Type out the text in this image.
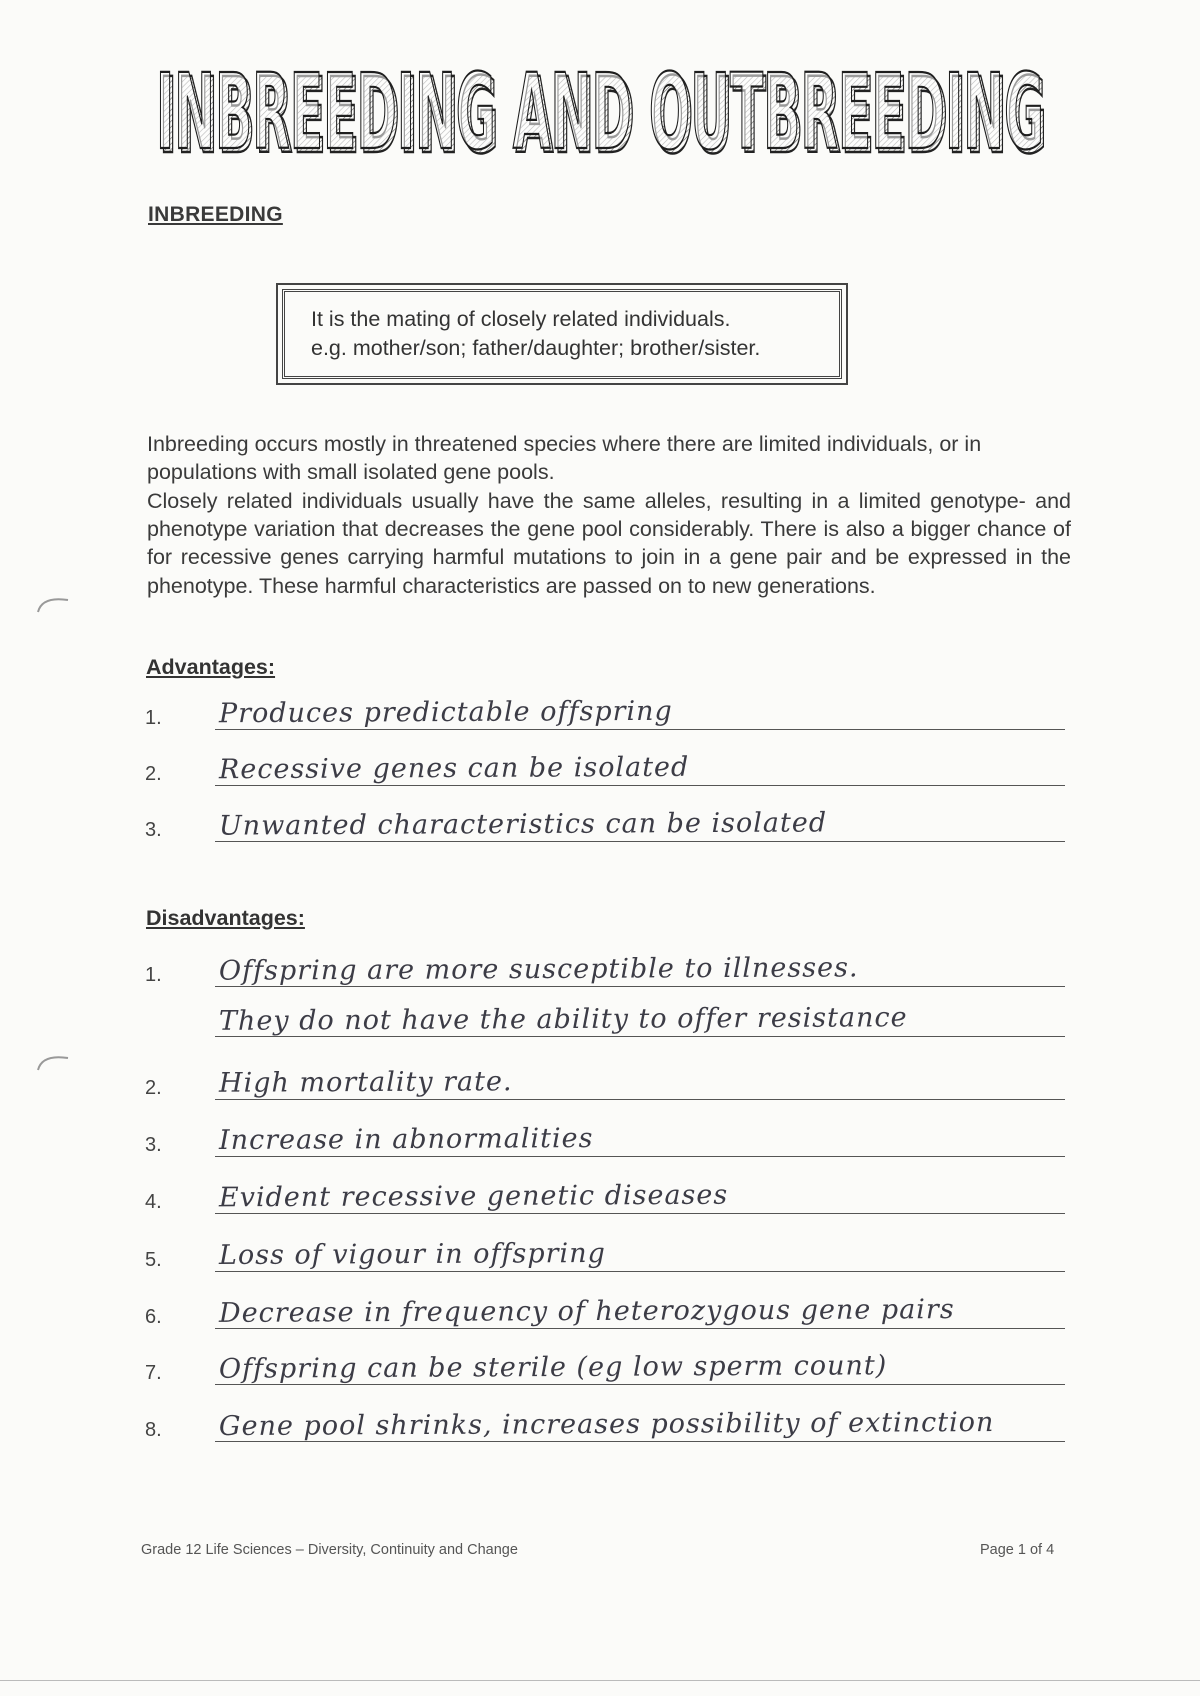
INBREEDING AND OUTBREEDING
INBREEDING AND OUTBREEDING
INBREEDING
It is the mating of closely related individuals.
e.g. mother/son; father/daughter; brother/sister.
Inbreeding occurs mostly in threatened species where there are limited individuals, or in populations with small isolated gene pools.
Closely related individuals usually have the same alleles, resulting in a limited genotype- and phenotype variation that decreases the gene pool considerably. There is also a bigger chance of for recessive genes carrying harmful mutations to join in a gene pair and be expressed in the phenotype. These harmful characteristics are passed on to new generations.
Advantages:
1.	Produces predictable offspring
2.	Recessive genes can be isolated
3.	Unwanted characteristics can be isolated
Disadvantages:
1.	Offspring are more susceptible to illnesses.
They do not have the ability to offer resistance
2.	High mortality rate.
3.	Increase in abnormalities
4.	Evident recessive genetic diseases
5.	Loss of vigour in offspring
6.	Decrease in frequency of heterozygous gene pairs
7.	Offspring can be sterile (eg low sperm count)
8.	Gene pool shrinks, increases possibility of extinction
Grade 12 Life Sciences – Diversity, Continuity and Change	Page 1 of 4
